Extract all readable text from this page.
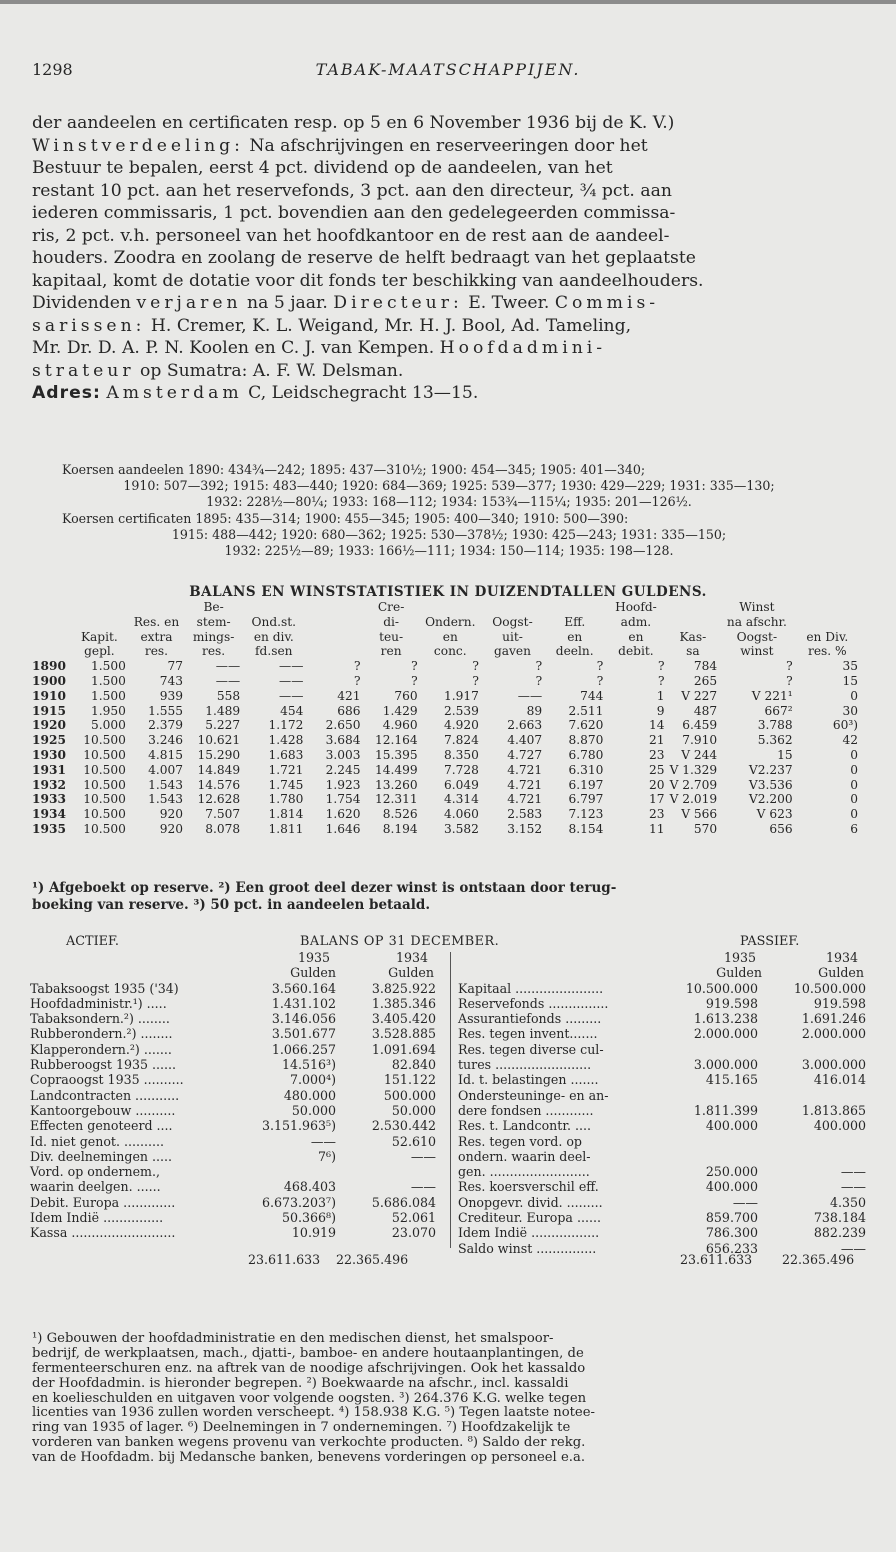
1298	TABAK-MAATSCHAPPIJEN.
der aandeelen en certificaten resp. op 5 en 6 November 1936 bij de K. V.)
Winstverdeeling: Na afschrijvingen en reserveeringen door het
Bestuur te bepalen, eerst 4 pct. dividend op de aandeelen, van het
restant 10 pct. aan het reservefonds, 3 pct. aan den directeur, ¾ pct. aan
iederen commissaris, 1 pct. bovendien aan den gedelegeerden commissa-
ris, 2 pct. v.h. personeel van het hoofdkantoor en de rest aan de aandeel-
houders. Zoodra en zoolang de reserve de helft bedraagt van het geplaatste
kapitaal, komt de dotatie voor dit fonds ter beschikking van aandeelhouders.
Dividenden verjaren na 5 jaar. Directeur: E. Tweer. Commis-
sarissen: H. Cremer, K. L. Weigand, Mr. H. J. Bool, Ad. Tameling,
Mr. Dr. D. A. P. N. Koolen en C. J. van Kempen. Hoofdadmini-
strateur op Sumatra: A. F. W. Delsman.
Adres: Amsterdam C, Leidschegracht 13—15.
Koersen aandeelen 1890: 434¾—242; 1895: 437—310½; 1900: 454—345; 1905: 401—340;
1910: 507—392; 1915: 483—440; 1920: 684—369; 1925: 539—377; 1930: 429—229; 1931: 335—130;
1932: 228½—80¼; 1933: 168—112; 1934: 153¾—115¼; 1935: 201—126½.
Koersen certificaten 1895: 435—314; 1900: 455—345; 1905: 400—340; 1910: 500—390:
1915: 488—442; 1920: 680—362; 1925: 530—378½; 1930: 425—243; 1931: 335—150;
1932: 225½—89; 1933: 166½—111; 1934: 150—114; 1935: 198—128.
BALANS EN WINSTSTATISTIEK IN DUIZENDTALLEN GULDENS.
			Be-			Cre-				Hoofd-		Winst	
		Res. en	stem-	Ond.st.		di-	Ondern.	Oogst-	Eff.	adm.		na afschr.	
	Kapit.	extra	mings-	en div.		teu-	en	uit-	en	en	Kas-	Oogst-	en Div.
	gepl.	res.	res.	fd.sen		ren	conc.	gaven	deeln.	debit.	sa	winst	res. %
1890	1.500	77	——	——	?	?	?	?	?	?	784	?	35
1900	1.500	743	——	——	?	?	?	?	?	?	265	?	15
1910	1.500	939	558	——	421	760	1.917	——	744	1	V 227	V 221¹	0
1915	1.950	1.555	1.489	454	686	1.429	2.539	89	2.511	9	487	667²	30
1920	5.000	2.379	5.227	1.172	2.650	4.960	4.920	2.663	7.620	14	6.459	3.788	60³)
1925	10.500	3.246	10.621	1.428	3.684	12.164	7.824	4.407	8.870	21	7.910	5.362	42
1930	10.500	4.815	15.290	1.683	3.003	15.395	8.350	4.727	6.780	23	V 244	15	0
1931	10.500	4.007	14.849	1.721	2.245	14.499	7.728	4.721	6.310	25	V 1.329	V2.237	0
1932	10.500	1.543	14.576	1.745	1.923	13.260	6.049	4.721	6.197	20	V 2.709	V3.536	0
1933	10.500	1.543	12.628	1.780	1.754	12.311	4.314	4.721	6.797	17	V 2.019	V2.200	0
1934	10.500	920	7.507	1.814	1.620	8.526	4.060	2.583	7.123	23	V 566	V 623	0
1935	10.500	920	8.078	1.811	1.646	8.194	3.582	3.152	8.154	11	570	656	6
¹) Afgeboekt op reserve. ²) Een groot deel dezer winst is ontstaan door terug-
boeking van reserve. ³) 50 pct. in aandeelen betaald.
ACTIEF.	BALANS OP 31 DECEMBER.	PASSIEF.
1935	1934
Gulden	Gulden
Tabaksoogst 1935 ('34)	3.560.164	3.825.922
Hoofdadministr.¹) .....	1.431.102	1.385.346
Tabaksondern.²) ........	3.146.056	3.405.420
Rubberondern.²) ........	3.501.677	3.528.885
Klapperondern.²) .......	1.066.257	1.091.694
Rubberoogst 1935 ......	14.516³)	82.840
Copraoogst 1935 ..........	7.000⁴)	151.122
Landcontracten ...........	480.000	500.000
Kantoorgebouw ..........	50.000	50.000
Effecten genoteerd ....	3.151.963⁵)	2.530.442
Id. niet genot. ..........	——	52.610
Div. deelnemingen .....	7⁶)	——
Vord. op ondernem.,
waarin deelgen. ......	468.403	——
Debit. Europa .............	6.673.203⁷)	5.686.084
Idem Indië ...............	50.366⁸)	52.061
Kassa ..........................	10.919	23.070
1935	1934
Gulden	Gulden
Kapitaal ......................	10.500.000	10.500.000
Reservefonds ...............	919.598	919.598
Assurantiefonds .........	1.613.238	1.691.246
Res. tegen invent.......	2.000.000	2.000.000
Res. tegen diverse cul-
tures ........................	3.000.000	3.000.000
Id. t. belastingen .......	415.165	416.014
Ondersteuninge- en an-
dere fondsen ............	1.811.399	1.813.865
Res. t. Landcontr. ....	400.000	400.000
Res. tegen vord. op
ondern. waarin deel-
gen. .........................	250.000	——
Res. koersverschil eff.	400.000	——
Onopgevr. divid. .........	——	4.350
Crediteur. Europa ......	859.700	738.184
Idem Indië .................	786.300	882.239
Saldo winst ...............	656.233	——
23.611.633 22.365.496	23.611.633 22.365.496
¹) Gebouwen der hoofdadministratie en den medischen dienst, het smalspoor-
bedrijf, de werkplaatsen, mach., djatti-, bamboe- en andere houtaanplantingen, de
fermenteerschuren enz. na aftrek van de noodige afschrijvingen. Ook het kassaldo
der Hoofdadmin. is hieronder begrepen. ²) Boekwaarde na afschr., incl. kassaldi
en koelieschulden en uitgaven voor volgende oogsten. ³) 264.376 K.G. welke tegen
licenties van 1936 zullen worden verscheept. ⁴) 158.938 K.G. ⁵) Tegen laatste notee-
ring van 1935 of lager. ⁶) Deelnemingen in 7 ondernemingen. ⁷) Hoofdzakelijk te
vorderen van banken wegens provenu van verkochte producten. ⁸) Saldo der rekg.
van de Hoofdadm. bij Medansche banken, benevens vorderingen op personeel e.a.
